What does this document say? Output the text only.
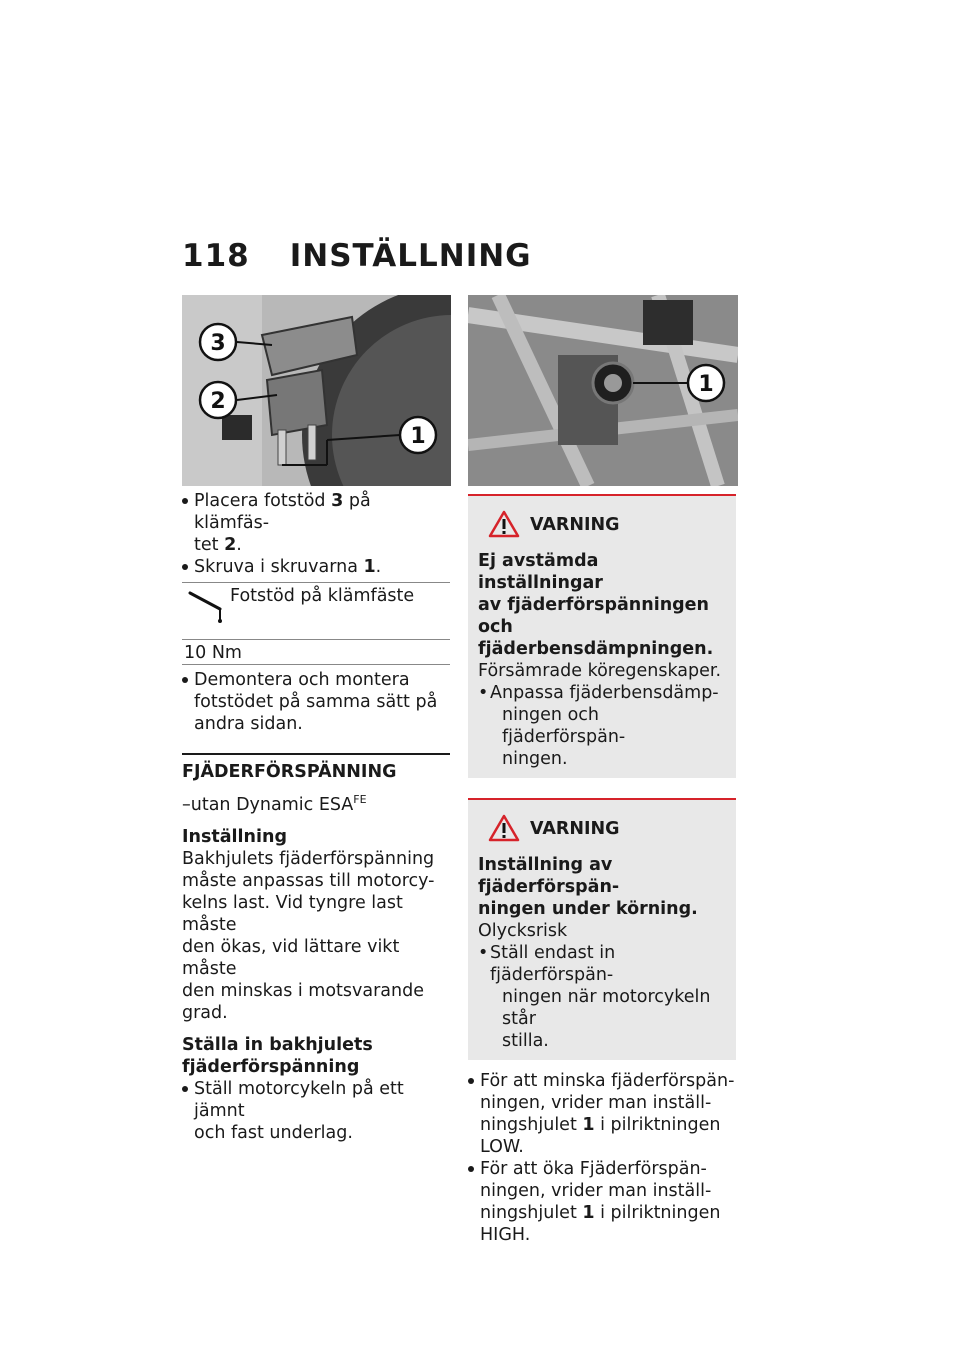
118 INSTÄLLNING
3
2
1
1
Placera fotstöd 3 på klämfäs-
tet 2.
Skruva i skruvarna 1.
Fotstöd på klämfäste
10 Nm
Demontera och montera
fotstödet på samma sätt på
andra sidan.
FJÄDERFÖRSPÄNNING
–utan Dynamic $ESA^{FE}$
Inställning
Bakhjulets fjäderförspänning
måste anpassas till motorcy-
kelns last. Vid tyngre last måste
den ökas, vid lättare vikt måste
den minskas i motsvarande
grad.
Ställa in bakhjulets
fjäderförspänning
Ställ motorcykeln på ett jämnt
och fast underlag.
VARNING
Ej avstämda inställningar
av fjäderförspänningen och
fjäderbensdämpningen.
Försämrade köregenskaper.
• Anpassa fjäderbensdämp-
ningen och fjäderförspän-
ningen.
VARNING
Inställning av fjäderförspän-
ningen under körning.
Olycksrisk
• Ställ endast in fjäderförspän-
ningen när motorcykeln står
stilla.
För att minska fjäderförspän-
ningen, vrider man inställ-
ningshjulet 1 i pilriktningen
LOW.
För att öka Fjäderförspän-
ningen, vrider man inställ-
ningshjulet 1 i pilriktningen
HIGH.
